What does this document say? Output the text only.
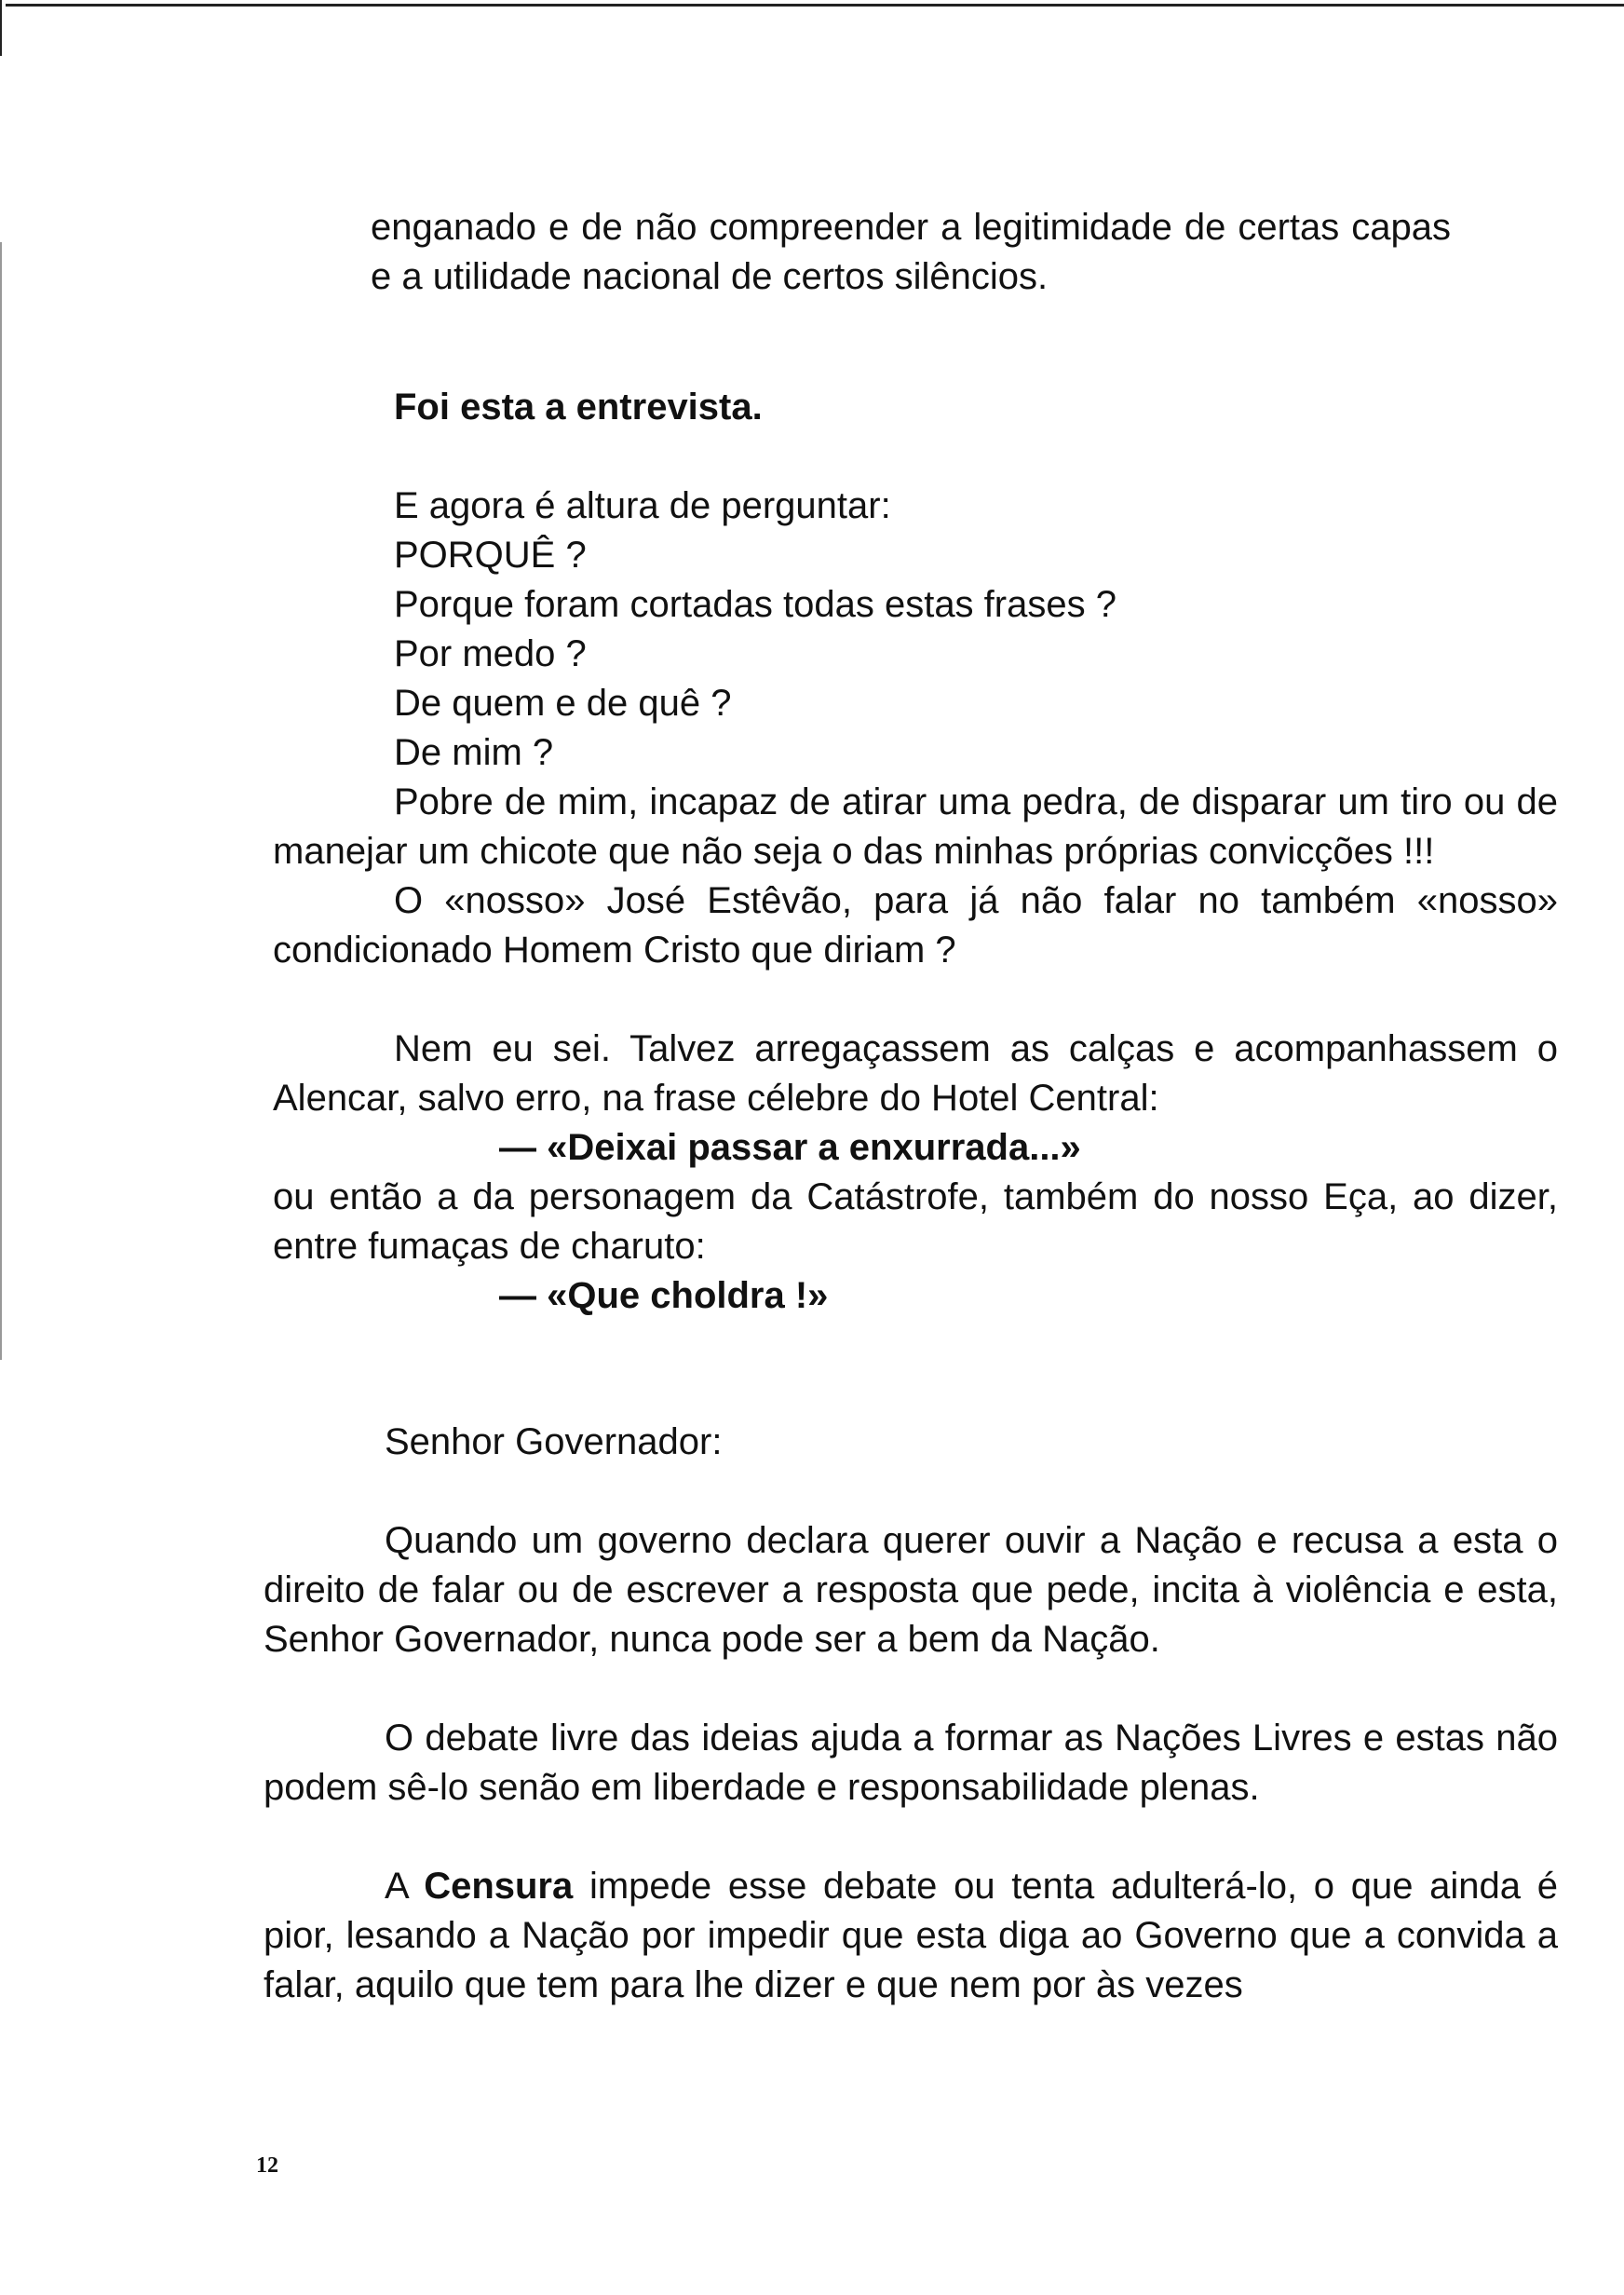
enganado e de não compreender a legitimidade de certas capas e a utilidade nacional de certos silêncios.

Foi esta a entrevista.

E agora é altura de perguntar:

PORQUÊ ?

Porque foram cortadas todas estas frases ?

Por medo ?

De quem e de quê ?

De mim ?

Pobre de mim, incapaz de atirar uma pedra, de disparar um tiro ou de manejar um chicote que não seja o das minhas próprias convicções !!!

O «nosso» José Estêvão, para já não falar no também «nosso» condicionado Homem Cristo que diriam ?

Nem eu sei. Talvez arregaçassem as calças e acompanhassem o Alencar, salvo erro, na frase célebre do Hotel Central:

— «Deixai passar a enxurrada...»

ou então a da personagem da Catástrofe, também do nosso Eça, ao dizer, entre fumaças de charuto:

— «Que choldra !»

Senhor Governador:

Quando um governo declara querer ouvir a Nação e recusa a esta o direito de falar ou de escrever a resposta que pede, incita à violência e esta, Senhor Governador, nunca pode ser a bem da Nação.

O debate livre das ideias ajuda a formar as Nações Livres e estas não podem sê-lo senão em liberdade e responsabilidade plenas.

A Censura impede esse debate ou tenta adulterá-lo, o que ainda é pior, lesando a Nação por impedir que esta diga ao Governo que a convida a falar, aquilo que tem para lhe dizer e que nem por às vezes

12
